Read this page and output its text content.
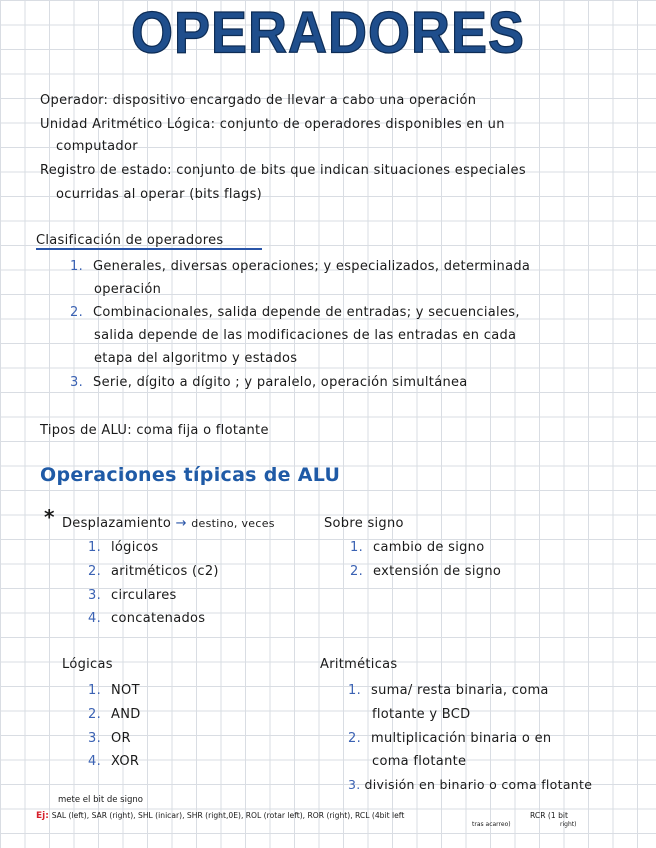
OPERADORES
Operador: dispositivo encargado de llevar a cabo una operación
Unidad Aritmético Lógica: conjunto de operadores disponibles en un
computador
Registro de estado: conjunto de bits que indican situaciones especiales
ocurridas al operar (bits flags)
Clasificación de operadores
1. Generales, diversas operaciones; y especializados, determinada
operación
2. Combinacionales, salida depende de entradas; y secuenciales,
salida depende de las modificaciones de las entradas en cada
etapa del algoritmo y estados
3. Serie, dígito a dígito ; y paralelo, operación simultánea
Tipos de ALU: coma fija o flotante
Operaciones típicas de ALU
* Desplazamiento → destino, veces
1. lógicos
2. aritméticos (c2)
3. circulares
4. concatenados
Sobre signo
1. cambio de signo
2. extensión de signo
Lógicas
1. NOT
2. AND
3. OR
4. XOR
Aritméticas
1. suma/ resta binaria, coma
flotante y BCD
2. multiplicación binaria o en
coma flotante
3. división en binario o coma flotante
mete el bit de signo
Ej: SAL (left), SAR (right), SHL (inicar), SHR (right,0E), ROL (rotar left), ROR (right), RCL (4bit left
tras acarreo)
RCR (1 bit
right)
